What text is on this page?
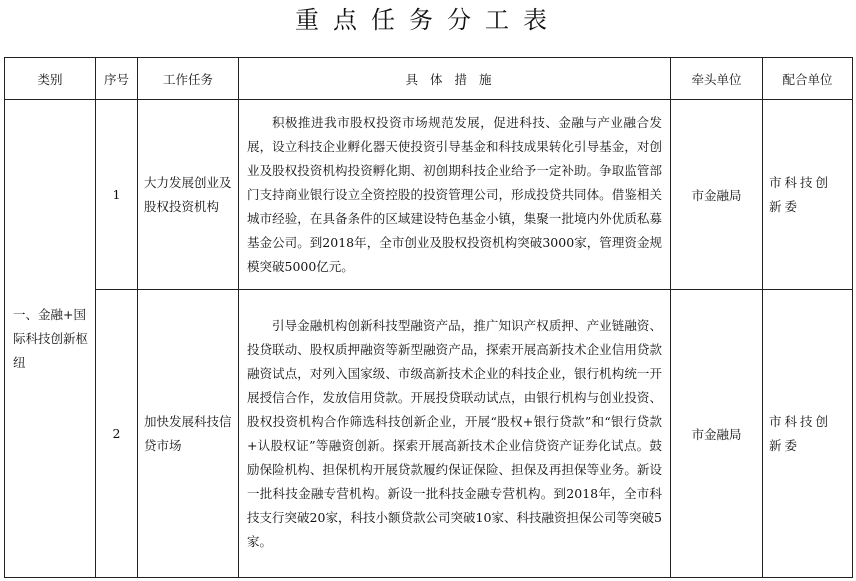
重点任务分工表
类别	序号	工作任务	具体措施	牵头单位	配合单位
一、金融+国际科技创新枢纽	1	大力发展创业及股权投资机构	积极推进我市股权投资市场规范发展，促进科技、金融与产业融合发展，设立科技企业孵化器天使投资引导基金和科技成果转化引导基金，对创业及股权投资机构投资孵化期、初创期科技企业给予一定补助。争取监管部门支持商业银行设立全资控股的投资管理公司，形成投贷共同体。借鉴相关城市经验，在具备条件的区域建设特色基金小镇，集聚一批境内外优质私募基金公司。到2018年，全市创业及股权投资机构突破3000家，管理资金规模突破5000亿元。	市金融局	市科技创新委
	2	加快发展科技信贷市场	引导金融机构创新科技型融资产品，推广知识产权质押、产业链融资、投贷联动、股权质押融资等新型融资产品，探索开展高新技术企业信用贷款融资试点，对列入国家级、市级高新技术企业的科技企业，银行机构统一开展授信合作，发放信用贷款。开展投贷联动试点，由银行机构与创业投资、股权投资机构合作筛选科技创新企业，开展“股权+银行贷款”和“银行贷款+认股权证”等融资创新。探索开展高新技术企业信贷资产证券化试点。鼓励保险机构、担保机构开展贷款履约保证保险、担保及再担保等业务。新设一批科技金融专营机构。新设一批科技金融专营机构。到2018年，全市科技支行突破20家，科技小额贷款公司突破10家、科技融资担保公司等突破5家。	市金融局	市科技创新委
